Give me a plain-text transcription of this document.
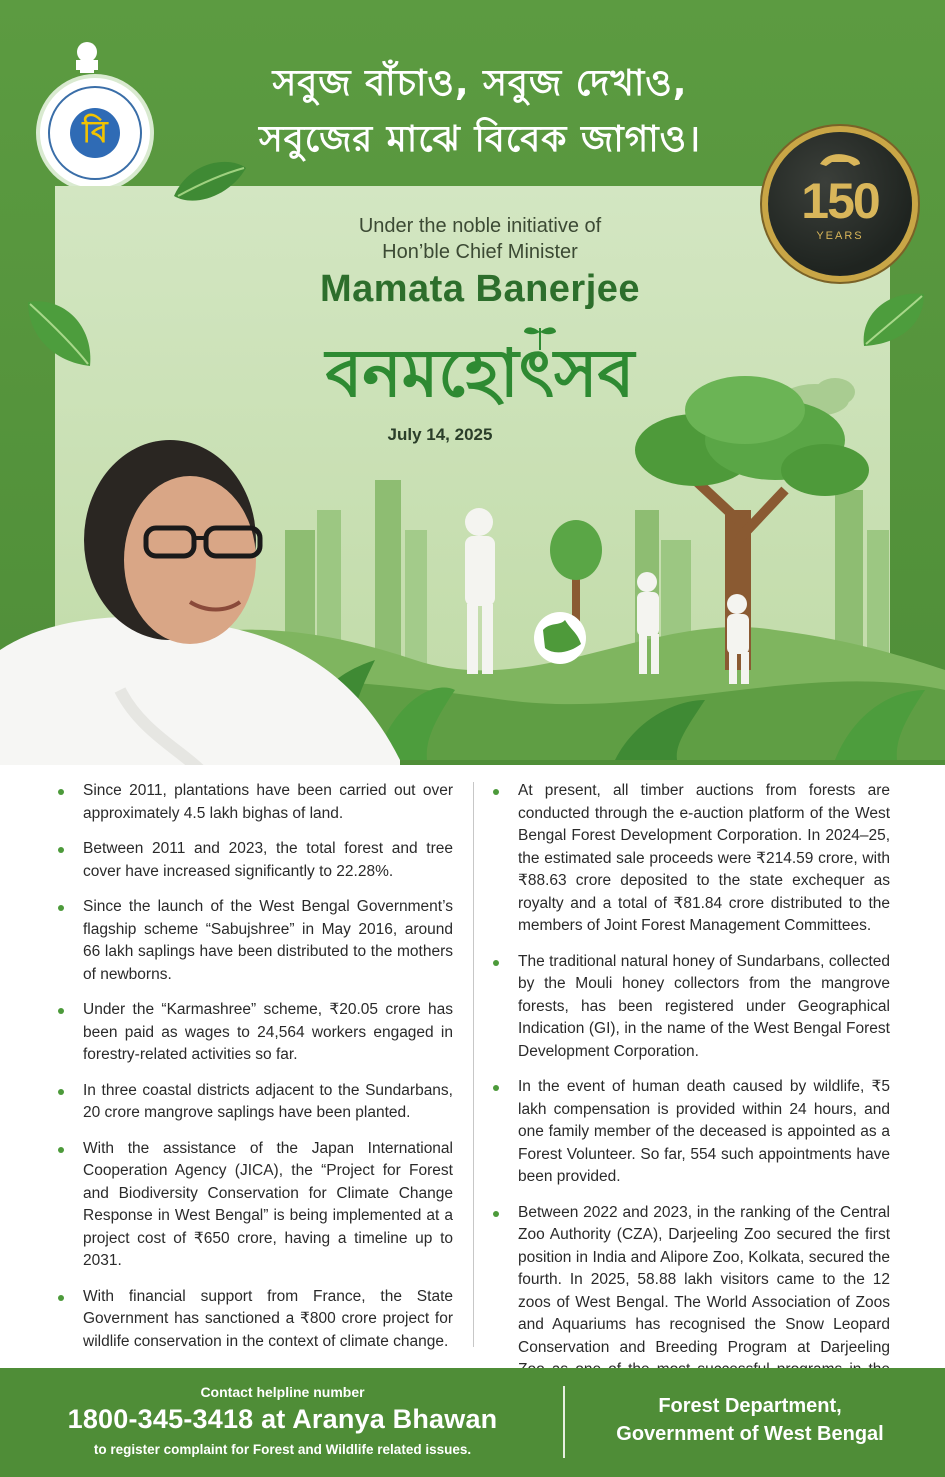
বি
সবুজ বাঁচাও, সবুজ দেখাও,
সবুজের মাঝে বিবেক জাগাও।
150
YEARS
Under the noble initiative of
Hon’ble Chief Minister
Mamata Banerjee
বনমহোৎসব
July 14, 2025
Since 2011, plantations have been carried out over approximately 4.5 lakh bighas of land.
Between 2011 and 2023, the total forest and tree cover have increased significantly to 22.28%.
Since the launch of the West Bengal Government’s flagship scheme “Sabujshree” in May 2016, around 66 lakh saplings have been distributed to the mothers of newborns.
Under the “Karmashree” scheme, ₹20.05 crore has been paid as wages to 24,564 workers engaged in forestry-related activities so far.
In three coastal districts adjacent to the Sundarbans, 20 crore mangrove saplings have been planted.
With the assistance of the Japan International Cooperation Agency (JICA), the “Project for Forest and Biodiversity Conservation for Climate Change Response in West Bengal” is being implemented at a project cost of ₹650 crore, having a timeline up to 2031.
With financial support from France, the State Government has sanctioned a ₹800 crore project for wildlife conservation in the context of climate change.
At present, all timber auctions from forests are conducted through the e-auction platform of the West Bengal Forest Development Corporation. In 2024–25, the estimated sale proceeds were ₹214.59 crore, with ₹88.63 crore deposited to the state exchequer as royalty and a total of ₹81.84 crore distributed to the members of Joint Forest Management Committees.
The traditional natural honey of Sundarbans, collected by the Mouli honey collectors from the mangrove forests, has been registered under Geographical Indication (GI), in the name of the West Bengal Forest Development Corporation.
In the event of human death caused by wildlife, ₹5 lakh compensation is provided within 24 hours, and one family member of the deceased is appointed as a Forest Volunteer. So far, 554 such appointments have been provided.
Between 2022 and 2023, in the ranking of the Central Zoo Authority (CZA), Darjeeling Zoo secured the first position in India and Alipore Zoo, Kolkata, secured the fourth. In 2025, 58.88 lakh visitors came to the 12 zoos of West Bengal. The World Association of Zoos and Aquariums has recognised the Snow Leopard Conservation and Breeding Program at Darjeeling
Contact helpline number
1800-345-3418 at Aranya Bhawan
to register complaint for Forest and Wildlife related issues.
Forest Department,
Government of West Bengal
